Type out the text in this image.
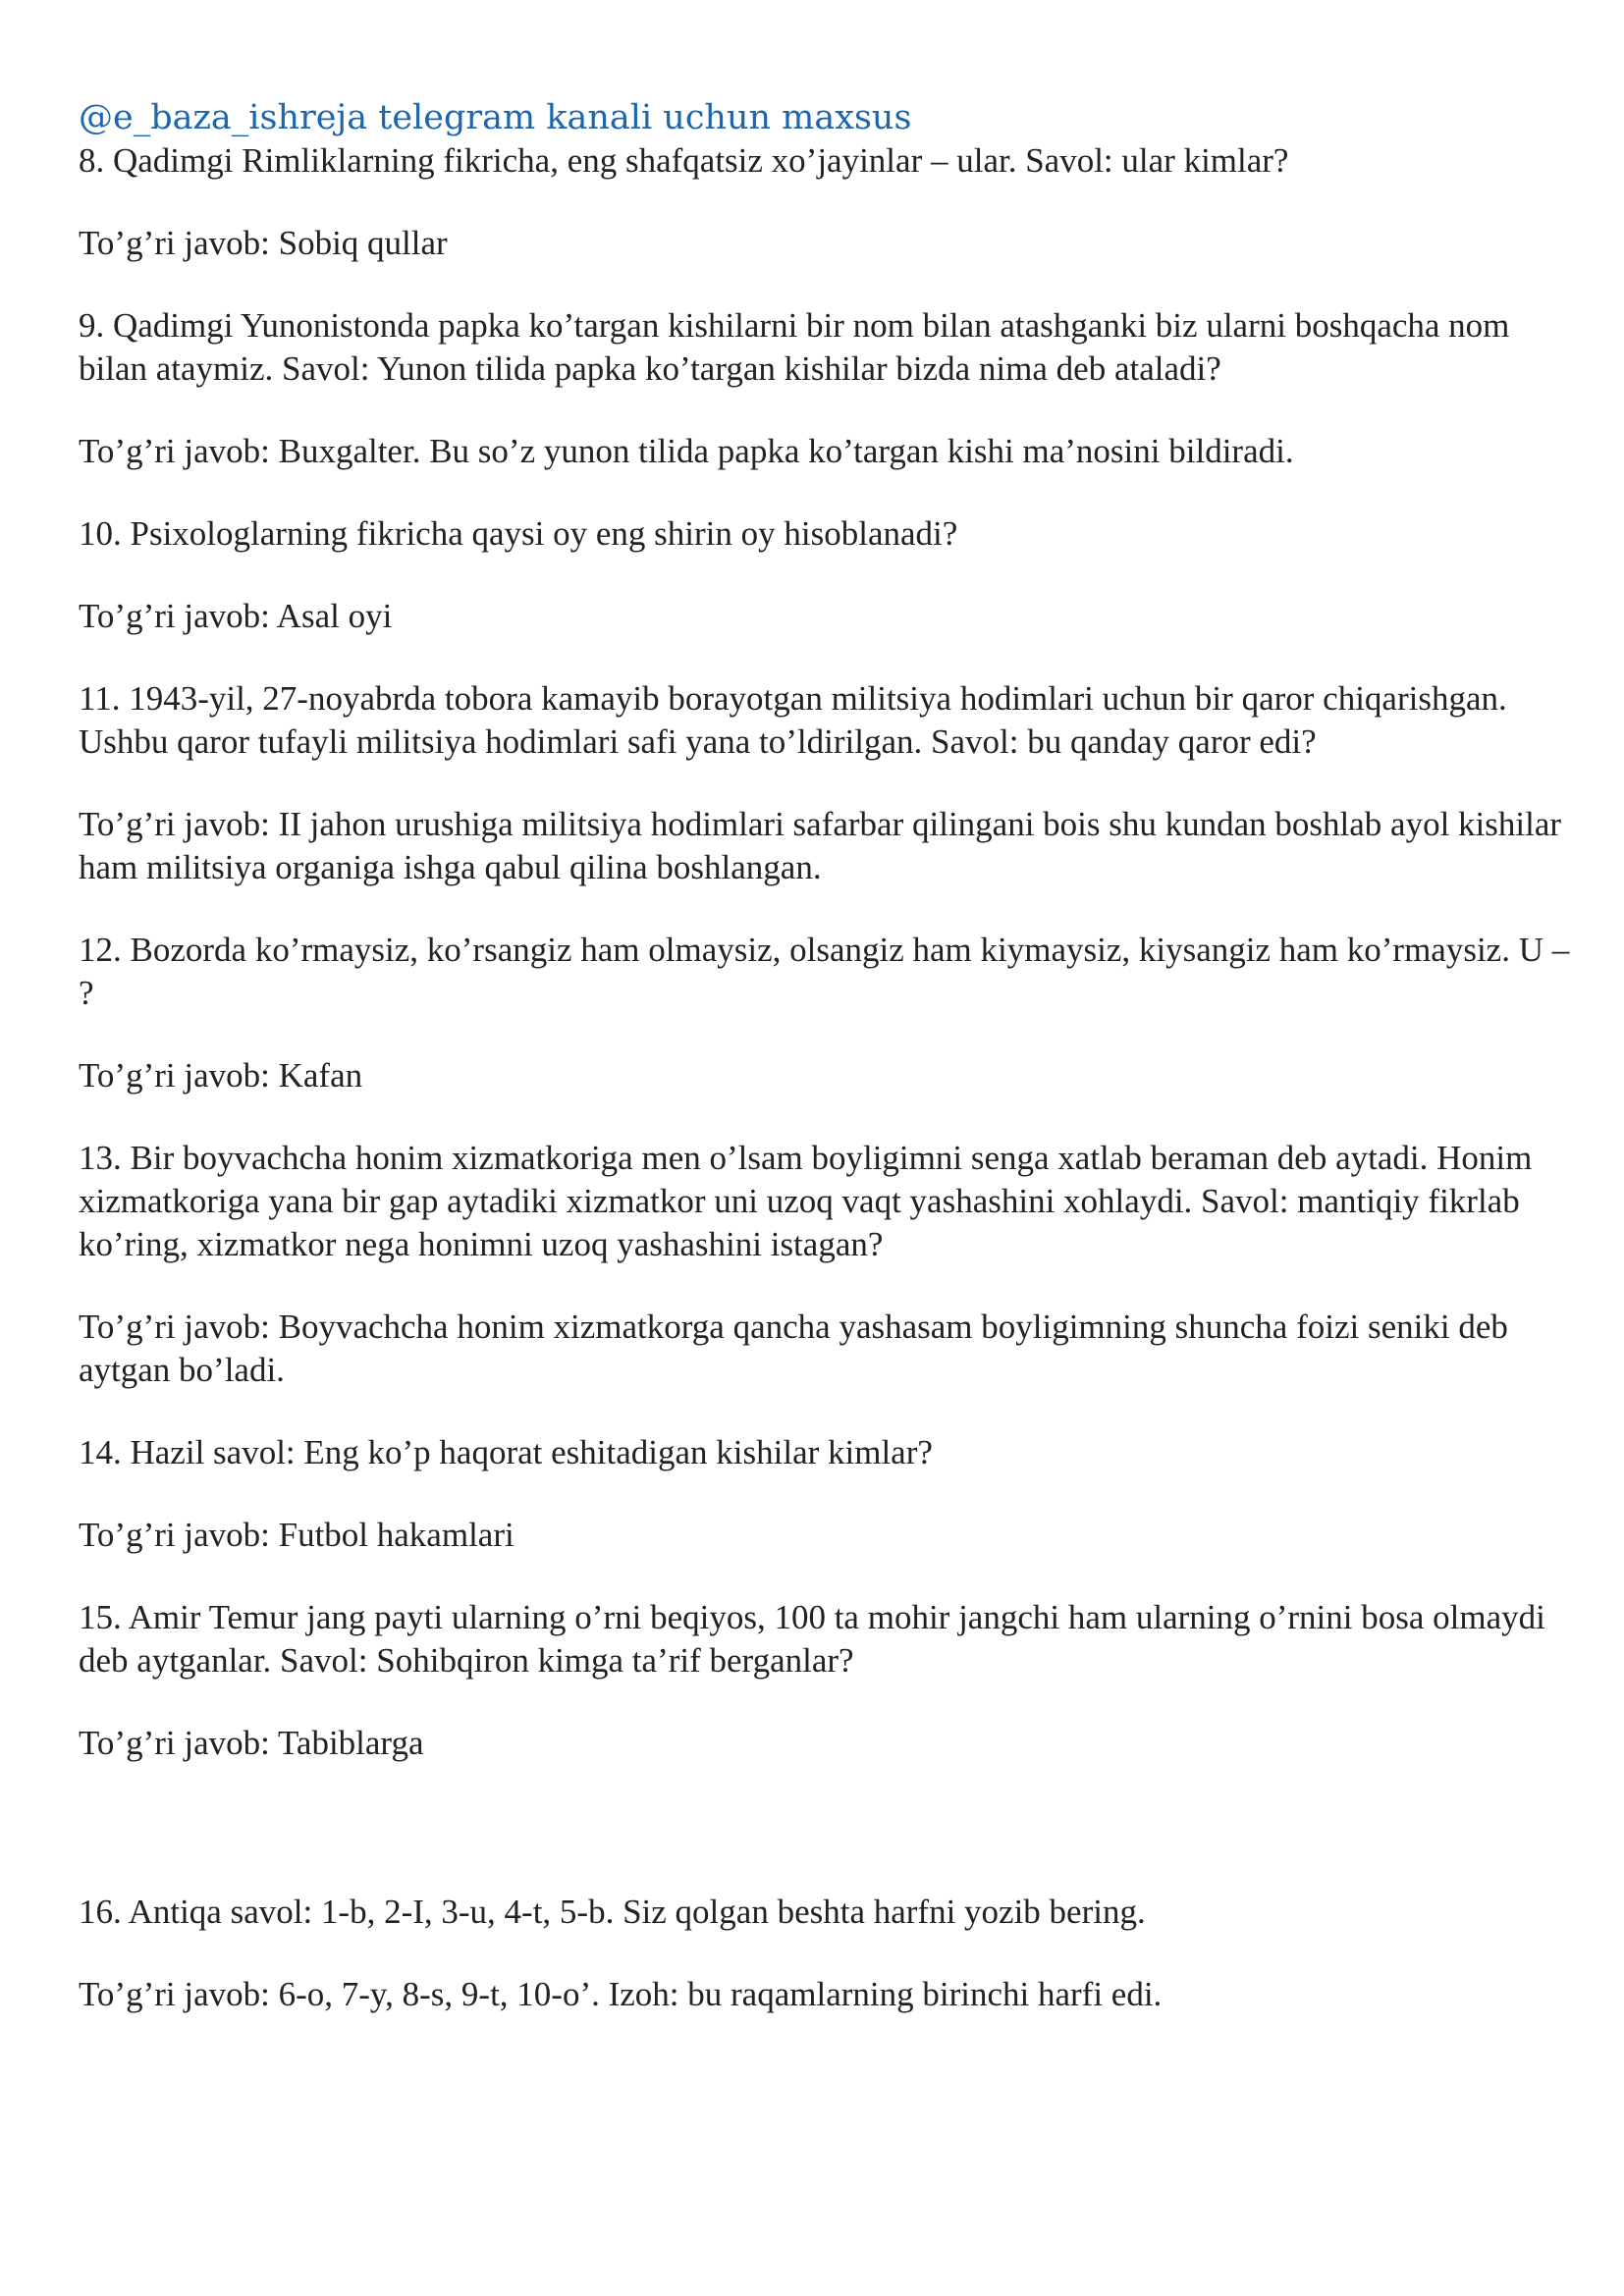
@e_baza_ishreja telegram kanali uchun maxsus

8. Qadimgi Rimliklarning fikricha, eng shafqatsiz xo’jayinlar – ular. Savol: ular kimlar?

To’g’ri javob: Sobiq qullar

9. Qadimgi Yunonistonda papka ko’targan kishilarni bir nom bilan atashganki biz ularni boshqacha nom bilan ataymiz. Savol: Yunon tilida papka ko’targan kishilar bizda nima deb ataladi?

To’g’ri javob: Buxgalter. Bu so’z yunon tilida papka ko’targan kishi ma’nosini bildiradi.

10. Psixologlarning fikricha qaysi oy eng shirin oy hisoblanadi?

To’g’ri javob: Asal oyi

11. 1943-yil, 27-noyabrda tobora kamayib borayotgan militsiya hodimlari uchun bir qaror chiqarishgan. Ushbu qaror tufayli militsiya hodimlari safi yana to’ldirilgan. Savol: bu qanday qaror edi?

To’g’ri javob: II jahon urushiga militsiya hodimlari safarbar qilingani bois shu kundan boshlab ayol kishilar ham militsiya organiga ishga qabul qilina boshlangan.

12. Bozorda ko’rmaysiz, ko’rsangiz ham olmaysiz, olsangiz ham kiymaysiz, kiysangiz ham ko’rmaysiz. U – ?

To’g’ri javob: Kafan

13. Bir boyvachcha honim xizmatkoriga men o’lsam boyligimni senga xatlab beraman deb aytadi. Honim xizmatkoriga yana bir gap aytadiki xizmatkor uni uzoq vaqt yashashini xohlaydi. Savol: mantiqiy fikrlab ko’ring, xizmatkor nega honimni uzoq yashashini istagan?

To’g’ri javob: Boyvachcha honim xizmatkorga qancha yashasam boyligimning shuncha foizi seniki deb aytgan bo’ladi.

14. Hazil savol: Eng ko’p haqorat eshitadigan kishilar kimlar?

To’g’ri javob: Futbol hakamlari

15. Amir Temur jang payti ularning o’rni beqiyos, 100 ta mohir jangchi ham ularning o’rnini bosa olmaydi deb aytganlar. Savol: Sohibqiron kimga ta’rif berganlar?

To’g’ri javob: Tabiblarga

16. Antiqa savol: 1-b, 2-I, 3-u, 4-t, 5-b. Siz qolgan beshta harfni yozib bering.

To’g’ri javob: 6-o, 7-y, 8-s, 9-t, 10-o’. Izoh: bu raqamlarning birinchi harfi edi.
